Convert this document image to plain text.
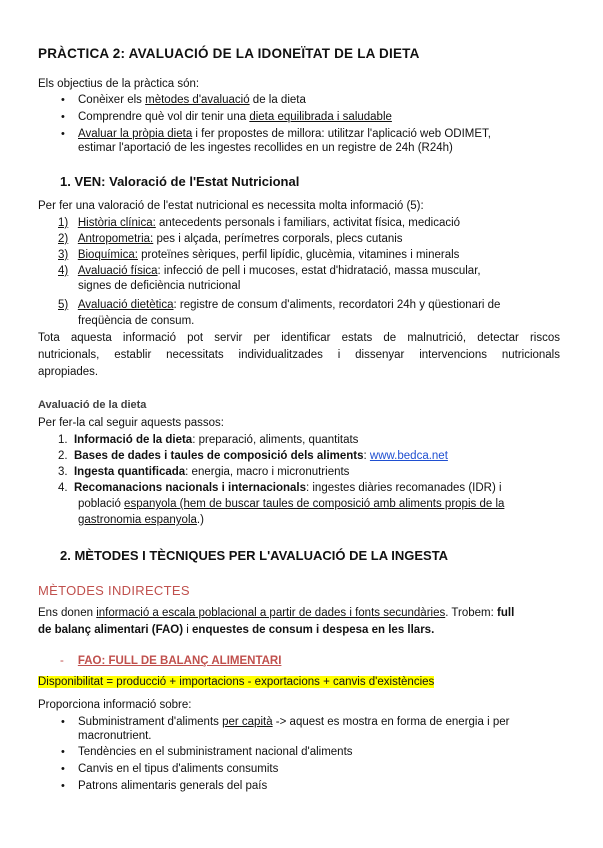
PRÀCTICA 2: AVALUACIÓ DE LA IDONEÏTAT DE LA DIETA
Els objectius de la pràctica són:
• Conèixer els mètodes d'avaluació de la dieta
• Comprendre què vol dir tenir una dieta equilibrada i saludable
• Avaluar la pròpia dieta i fer propostes de millora: utilitzar l'aplicació web ODIMET,
estimar l'aportació de les ingestes recollides en un registre de 24h (R24h)
1. VEN: Valoració de l'Estat Nutricional
Per fer una valoració de l'estat nutricional es necessita molta informació (5):
1) Història clínica: antecedents personals i familiars, activitat física, medicació
2) Antropometria: pes i alçada, perímetres corporals, plecs cutanis
3) Bioquímica: proteïnes sèriques, perfil lipídic, glucèmia, vitamines i minerals
4) Avaluació física: infecció de pell i mucoses, estat d'hidratació, massa muscular,
signes de deficiència nutricional
5) Avaluació dietètica: registre de consum d'aliments, recordatori 24h y qüestionari de
freqüència de consum.
Tota aquesta informació pot servir per identificar estats de malnutrició, detectar riscos
nutricionals, establir necessitats individualitzades i dissenyar intervencions nutricionals
apropiades.
Avaluació de la dieta
Per fer-la cal seguir aquests passos:
1. Informació de la dieta: preparació, aliments, quantitats
2. Bases de dades i taules de composició dels aliments: www.bedca.net
3. Ingesta quantificada: energia, macro i micronutrients
4. Recomanacions nacionals i internacionals: ingestes diàries recomanades (IDR) i
població espanyola (hem de buscar taules de composició amb aliments propis de la
gastronomia espanyola.)
2. MÈTODES I TÈCNIQUES PER L'AVALUACIÓ DE LA INGESTA
MÈTODES INDIRECTES
Ens donen informació a escala poblacional a partir de dades i fonts secundàries. Trobem: full
de balanç alimentari (FAO) i enquestes de consum i despesa en les llars.
- FAO: FULL DE BALANÇ ALIMENTARI
Disponibilitat = producció + importacions - exportacions + canvis d'existències
Proporciona informació sobre:
• Subministrament d'aliments per capità -> aquest es mostra en forma de energia i per
macronutrient.
• Tendències en el subministrament nacional d'aliments
• Canvis en el tipus d'aliments consumits
• Patrons alimentaris generals del país
